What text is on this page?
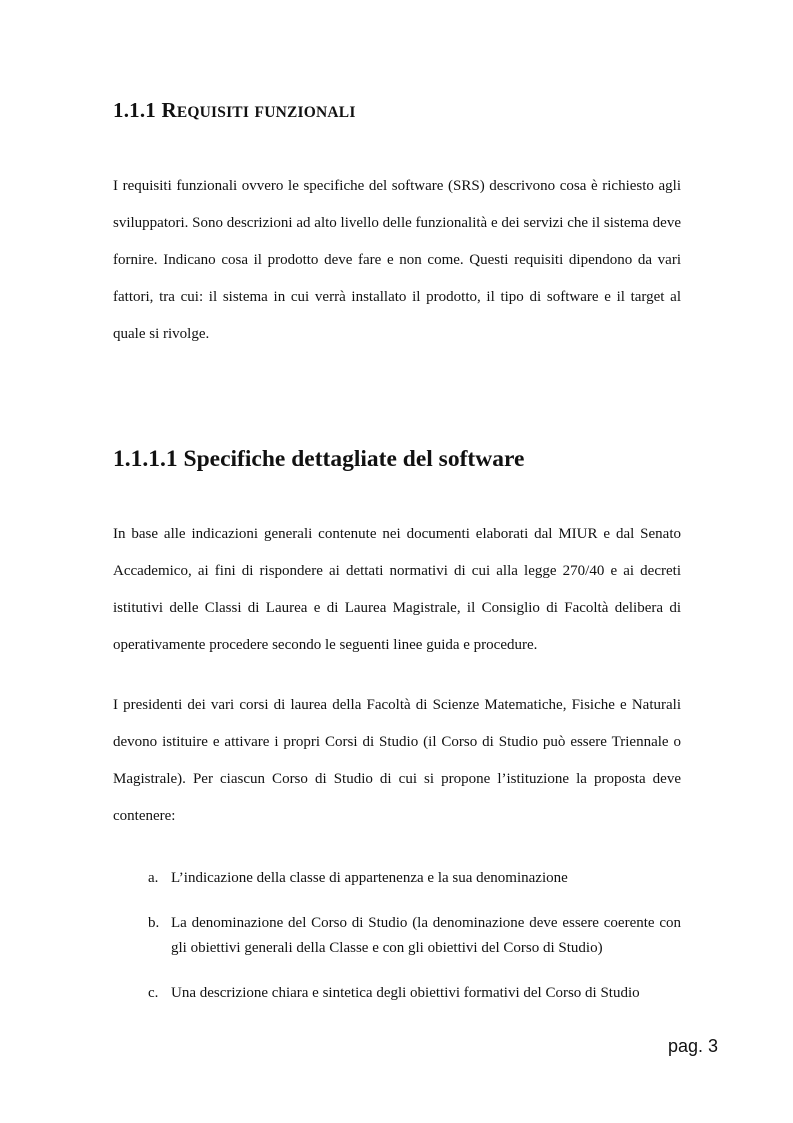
1.1.1 REQUISITI FUNZIONALI

I requisiti funzionali ovvero le specifiche del software (SRS) descrivono cosa è richiesto agli sviluppatori. Sono descrizioni ad alto livello delle funzionalità e dei servizi che il sistema deve fornire. Indicano cosa il prodotto deve fare e non come. Questi requisiti dipendono da vari fattori, tra cui: il sistema in cui verrà installato il prodotto, il tipo di software e il target al quale si rivolge.

1.1.1.1 Specifiche dettagliate del software

In base alle indicazioni generali contenute nei documenti elaborati dal MIUR e dal Senato Accademico, ai fini di rispondere ai dettati normativi di cui alla legge 270/40 e ai decreti istitutivi delle Classi di Laurea e di Laurea Magistrale, il Consiglio di Facoltà delibera di operativamente procedere secondo le seguenti linee guida e procedure.

I presidenti dei vari corsi di laurea della Facoltà di Scienze Matematiche, Fisiche e Naturali devono istituire e attivare i propri Corsi di Studio (il Corso di Studio può essere Triennale o Magistrale). Per ciascun Corso di Studio di cui si propone l’istituzione la proposta deve contenere:

a. L’indicazione della classe di appartenenza e la sua denominazione
b. La denominazione del Corso di Studio (la denominazione deve essere coerente con gli obiettivi generali della Classe e con gli obiettivi del Corso di Studio)
c. Una descrizione chiara e sintetica degli obiettivi formativi del Corso di Studio
pag. 3
